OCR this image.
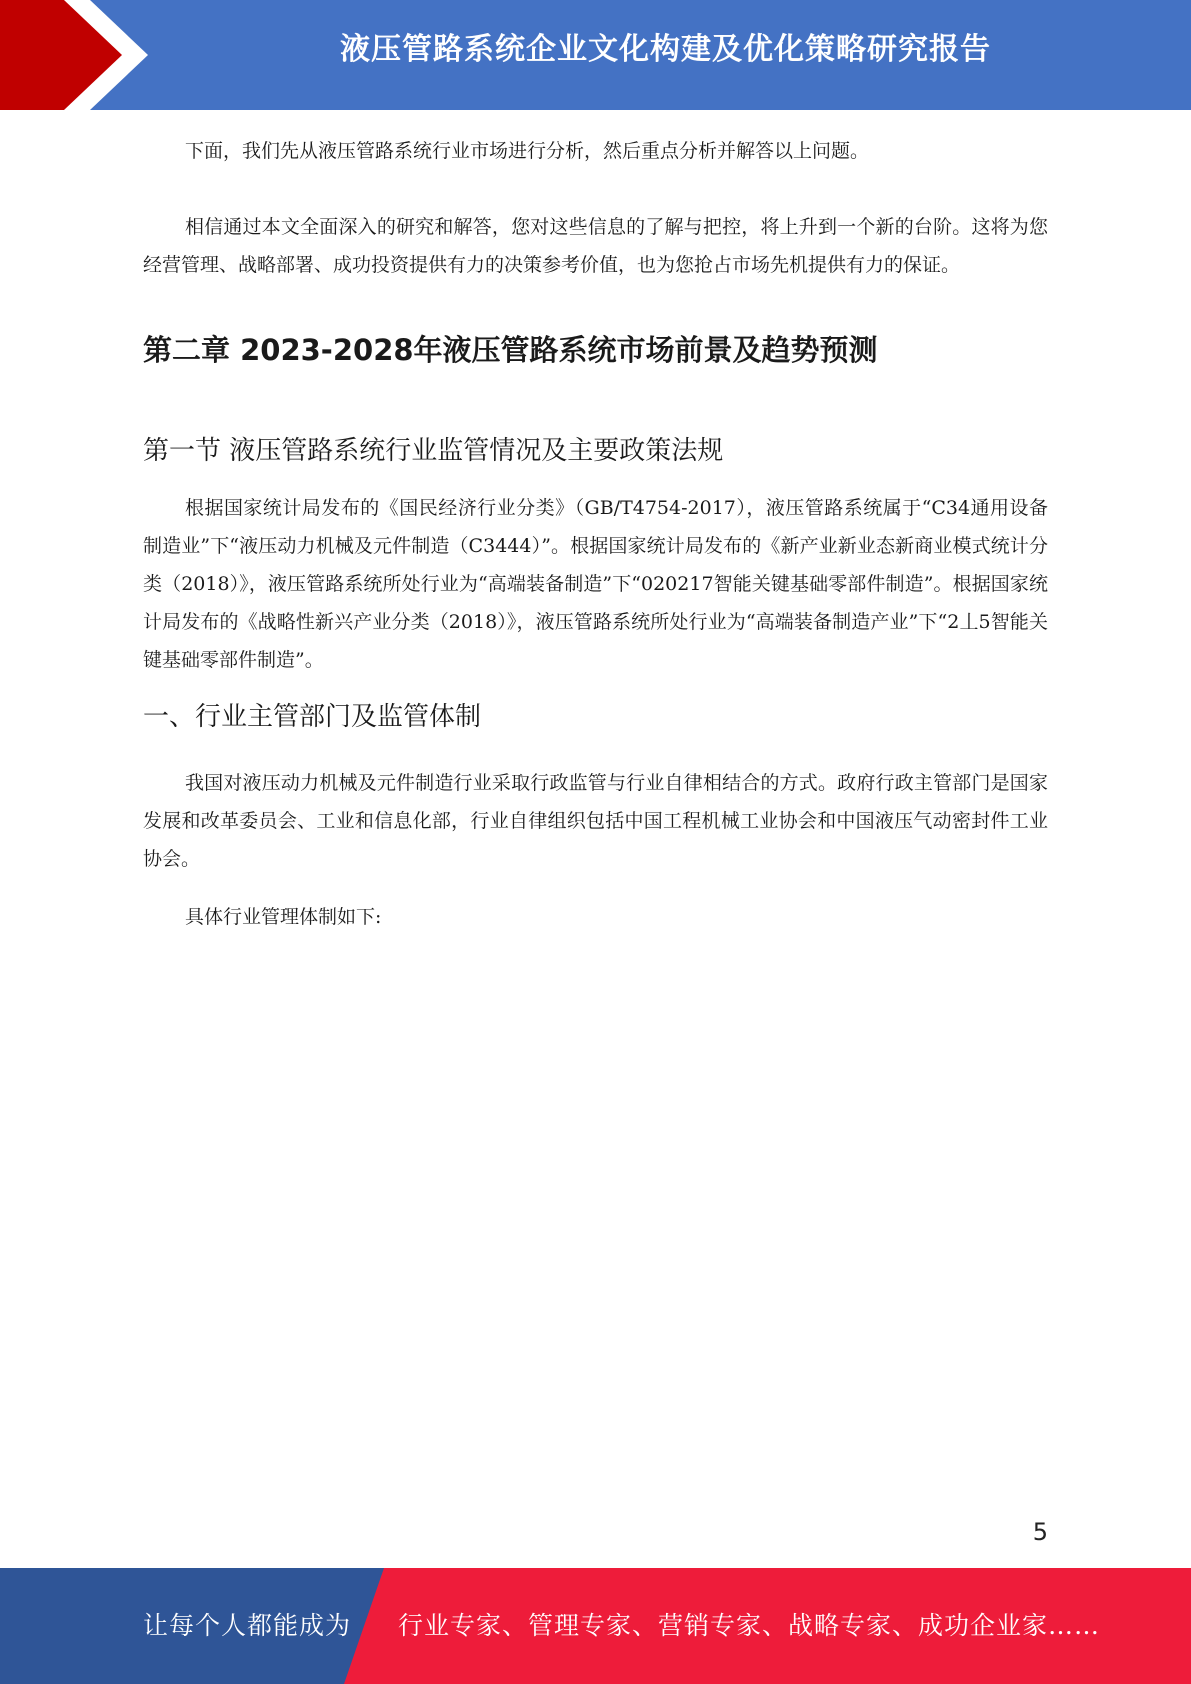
液压管路系统企业文化构建及优化策略研究报告

下面，我们先从液压管路系统行业市场进行分析，然后重点分析并解答以上问题。

相信通过本文全面深入的研究和解答，您对这些信息的了解与把控，将上升到一个新的台阶。这将为您经营管理、战略部署、成功投资提供有力的决策参考价值，也为您抢占市场先机提供有力的保证。

第二章 2023-2028年液压管路系统市场前景及趋势预测
第一节 液压管路系统行业监管情况及主要政策法规

根据国家统计局发布的《国民经济行业分类》（GB/T4754-2017），液压管路系统属于“C34通用设备制造业”下“液压动力机械及元件制造（C3444）”。根据国家统计局发布的《新产业新业态新商业模式统计分类（2018）》，液压管路系统所处行业为“高端装备制造”下“020217智能关键基础零部件制造”。根据国家统计局发布的《战略性新兴产业分类（2018）》，液压管路系统所处行业为“高端装备制造产业”下“2丄5智能关键基础零部件制造”。

一、行业主管部门及监管体制

我国对液压动力机械及元件制造行业采取行政监管与行业自律相结合的方式。政府行政主管部门是国家发展和改革委员会、工业和信息化部，行业自律组织包括中国工程机械工业协会和中国液压气动密封件工业协会。

具体行业管理体制如下:

5
让每个人都能成为 行业专家、管理专家、营销专家、战略专家、成功企业家……
